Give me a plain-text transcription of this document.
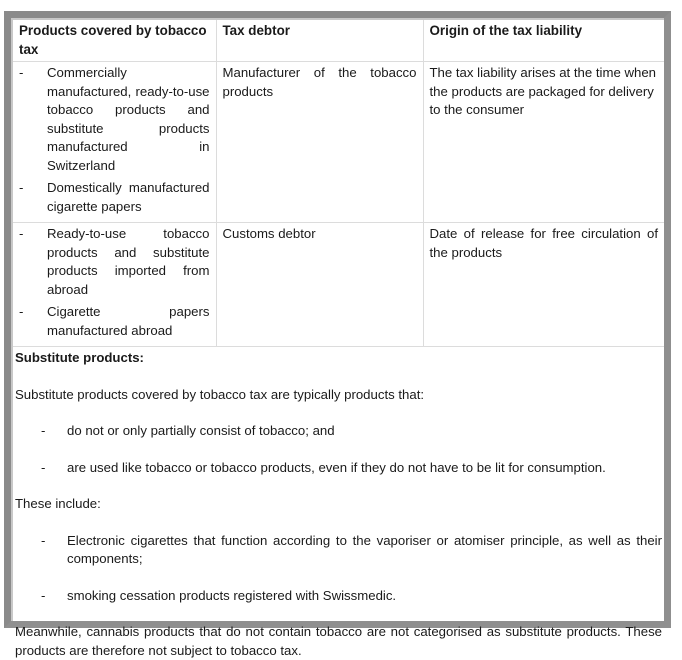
Products covered by tobacco tax	Tax debtor	Origin of the tax liability

- Commercially manufactured, ready-to-use tobacco products and substitute products manufactured in Switzerland
- Domestically manufactured cigarette papers	Manufacturer of the tobacco products	The tax liability arises at the time when the products are packaged for delivery to the consumer

- Ready-to-use tobacco products and substitute products imported from abroad
- Cigarette papers manufactured abroad	Customs debtor	Date of release for free circulation of the products
Substitute products:

Substitute products covered by tobacco tax are typically products that:

-	do not or only partially consist of tobacco; and
-	are used like tobacco or tobacco products, even if they do not have to be lit for consumption.

These include:

-	Electronic cigarettes that function according to the vaporiser or atomiser principle, as well as their components;
-	smoking cessation products registered with Swissmedic.

Meanwhile, cannabis products that do not contain tobacco are not categorised as substitute products. These products are therefore not subject to tobacco tax.
